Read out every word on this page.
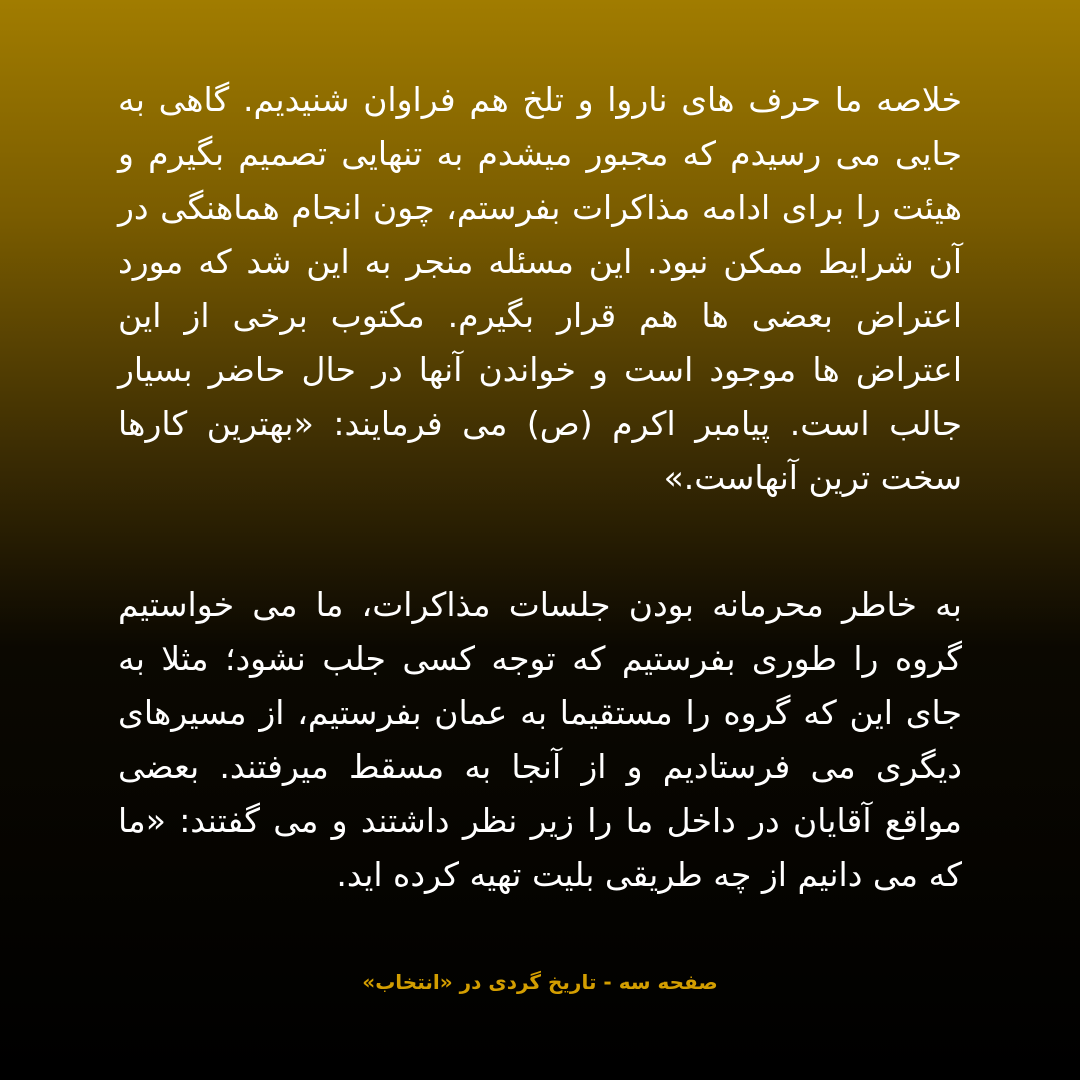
خلاصه ما حرف های ناروا و تلخ هم فراوان شنیدیم. گاهی به جایی می رسیدم که مجبور میشدم به تنهایی تصمیم بگیرم و هیئت را برای ادامه مذاکرات بفرستم، چون انجام هماهنگی در آن شرایط ممکن نبود. این مسئله منجر به این شد که مورد اعتراض بعضی ها هم قرار بگیرم. مکتوب برخی از این اعتراض ها موجود است و خواندن آنها در حال حاضر بسیار جالب است. پیامبر اکرم (ص) می فرمایند: «بهترین کارها سخت ترین آنهاست.»

به خاطر محرمانه بودن جلسات مذاکرات، ما می خواستیم گروه را طوری بفرستیم که توجه کسی جلب نشود؛ مثلا به جای این که گروه را مستقیما به عمان بفرستیم، از مسیرهای دیگری می فرستادیم و از آنجا به مسقط میرفتند. بعضی مواقع آقایان در داخل ما را زیر نظر داشتند و می گفتند: «ما که می دانیم از چه طریقی بلیت تهیه کرده اید.

صفحه سه - تاریخ گردی در «انتخاب»
